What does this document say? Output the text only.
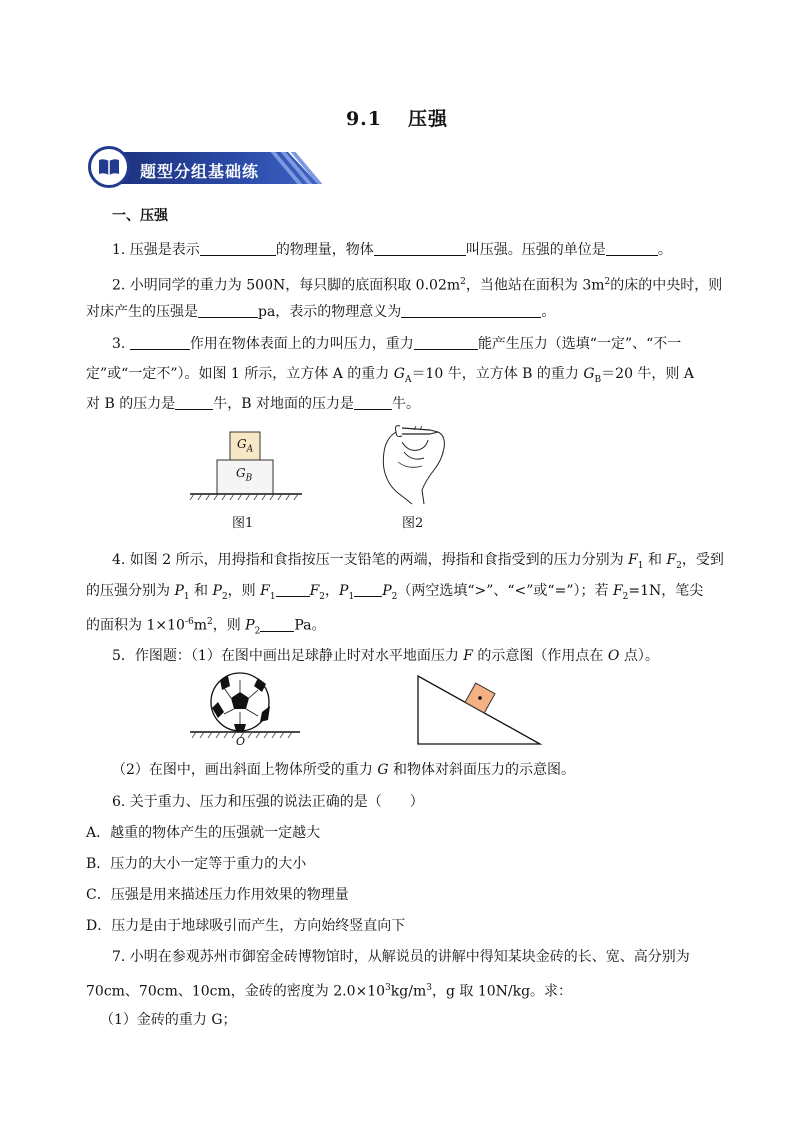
9.1 压强
题型分组基础练
一、压强
1. 压强是表示	的物理量，物体	叫压强。压强的单位是	。
2. 小明同学的重力为 500N，每只脚的底面积取 $0.02m^2$，当他站在面积为 $3m^2$的床的中央时，则
对床产生的压强是	pa，表示的物理意义为	。
3.	作用在物体表面上的力叫压力，重力	能产生压力（选填“一定”、“不一
定”或“一定不”）。如图 1 所示，立方体 A 的重力 $G_A=10$ 牛，立方体 B 的重力 $G_B=20$ 牛，则 A
对 B 的压力是	牛，B 对地面的压力是	牛。
$G_A$
$G_B$
图1	图2
4. 如图 2 所示，用拇指和食指按压一支铅笔的两端，拇指和食指受到的压力分别为 $F_1$ 和 $F_2$，受到
的压强分别为 $P_1$ 和 $P_2$，则 $F_1$ $F_2$，$P_1$ $P_2$（两空选填“>”、“<”或“=”）；若 $F_2=1N$，笔尖
的面积为 $1\times 10^{-6}m^2$，则 $P_2$ Pa。
5．作图题：（1）在图中画出足球静止时对水平地面压力 F 的示意图（作用点在 O 点）。
O
（2）在图中，画出斜面上物体所受的重力 G 和物体对斜面压力的示意图。
6. 关于重力、压力和压强的说法正确的是（　　）
A．越重的物体产生的压强就一定越大
B．压力的大小一定等于重力的大小
C．压强是用来描述压力作用效果的物理量
D．压力是由于地球吸引而产生，方向始终竖直向下
7. 小明在参观苏州市御窑金砖博物馆时，从解说员的讲解中得知某块金砖的长、宽、高分别为
70cm、70cm、10cm，金砖的密度为 $2.0\times 10^3kg/m^3$，g 取 10N/kg。求：
（1）金砖的重力 G；
